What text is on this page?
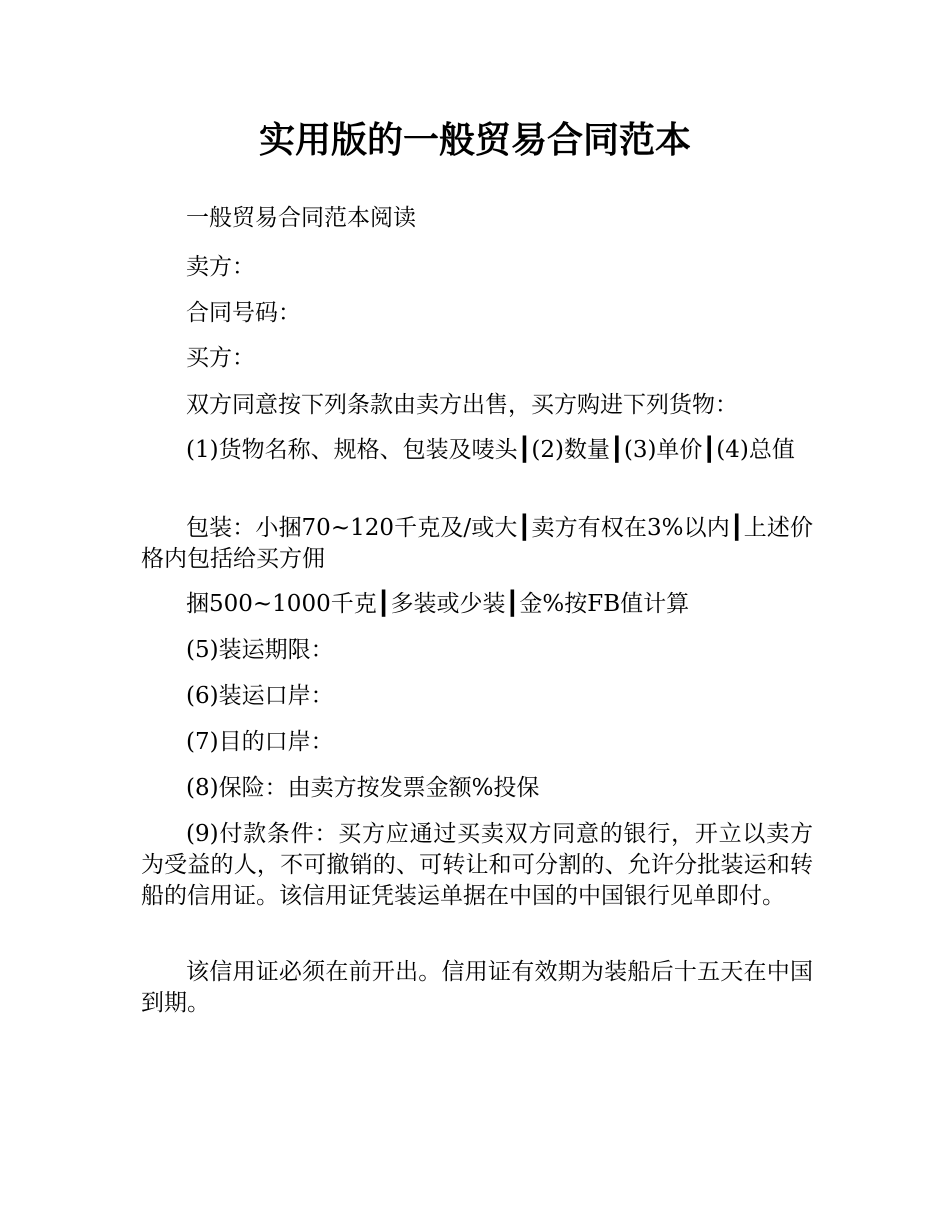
实用版的一般贸易合同范本

一般贸易合同范本阅读

卖方：

合同号码：

买方：

双方同意按下列条款由卖方出售，买方购进下列货物：

(1)货物名称、规格、包装及唛头┃(2)数量┃(3)单价┃(4)总值

包装：小捆70~120千克及/或大┃卖方有权在3%以内┃上述价格内包括给买方佣

捆500~1000千克┃多装或少装┃金%按FB值计算

(5)装运期限：

(6)装运口岸：

(7)目的口岸：

(8)保险：由卖方按发票金额%投保

(9)付款条件：买方应通过买卖双方同意的银行，开立以卖方为受益的人，不可撤销的、可转让和可分割的、允许分批装运和转船的信用证。该信用证凭装运单据在中国的中国银行见单即付。

该信用证必须在前开出。信用证有效期为装船后十五天在中国到期。
